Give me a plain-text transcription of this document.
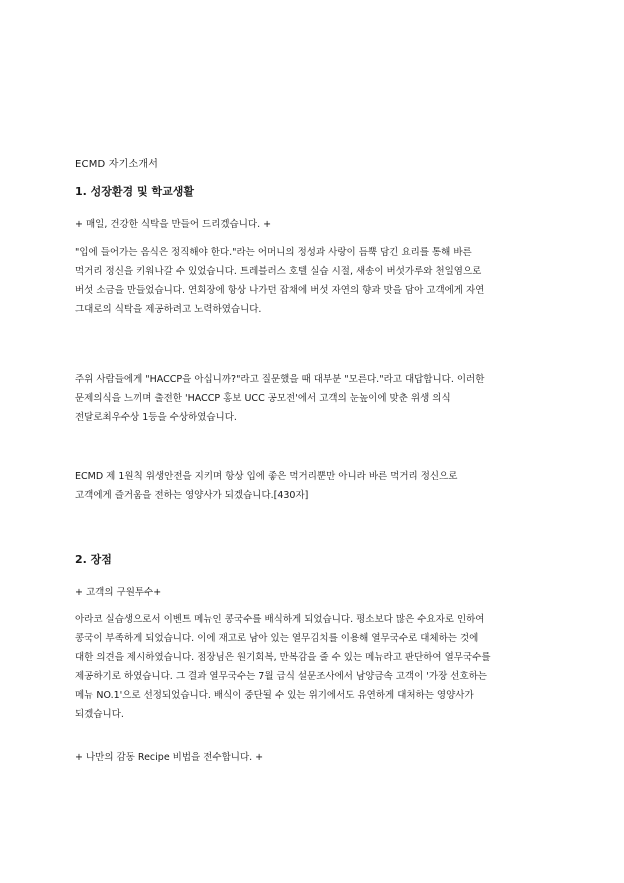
ECMD 자기소개서
1. 성장환경 및 학교생활
+ 매일, 건강한 식탁을 만들어 드리겠습니다. +
"입에 들어가는 음식은 정직해야 한다."라는 어머니의 정성과 사랑이 듬뿍 담긴 요리를 통해 바른
먹거리 정신을 키워나갈 수 있었습니다. 트레블러스 호텔 실습 시절, 새송이 버섯가루와 천일염으로
버섯 소금을 만들었습니다. 연회장에 항상 나가던 잡채에 버섯 자연의 향과 맛을 담아 고객에게 자연
그대로의 식탁을 제공하려고 노력하였습니다.
주위 사람들에게 "HACCP을 아십니까?"라고 질문했을 때 대부분 "모른다."라고 대답합니다. 이러한
문제의식을 느끼며 출전한 'HACCP 홍보 UCC 공모전'에서 고객의 눈높이에 맞춘 위생 의식
전달로최우수상 1등을 수상하였습니다.
ECMD 제 1원칙 위생안전을 지키며 항상 입에 좋은 먹거리뿐만 아니라 바른 먹거리 정신으로
고객에게 즐거움을 전하는 영양사가 되겠습니다.[430자]
2. 장점
+ 고객의 구원투수+
아라코 실습생으로서 이벤트 메뉴인 콩국수를 배식하게 되었습니다. 평소보다 많은 수요자로 인하여
콩국이 부족하게 되었습니다. 이에 재고로 남아 있는 열무김치를 이용해 열무국수로 대체하는 것에
대한 의견을 제시하였습니다. 점장님은 원기회복, 만복감을 줄 수 있는 메뉴라고 판단하여 열무국수를
제공하기로 하였습니다. 그 결과 열무국수는 7월 급식 설문조사에서 남양금속 고객이 '가장 선호하는
메뉴 NO.1'으로 선정되었습니다. 배식이 중단될 수 있는 위기에서도 유연하게 대처하는 영양사가
되겠습니다.
+ 나만의 감동 Recipe 비법을 전수합니다. +
